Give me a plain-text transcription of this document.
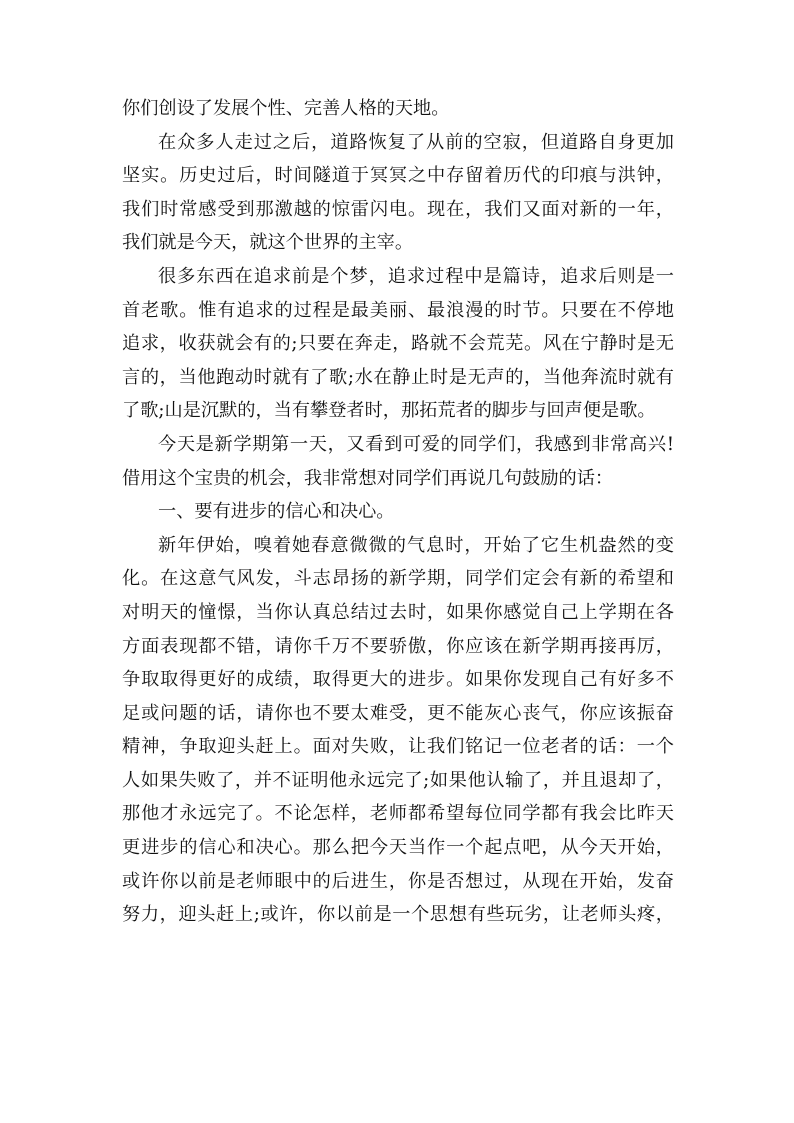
你们创设了发展个性、完善人格的天地。
在众多人走过之后，道路恢复了从前的空寂，但道路自身更加
坚实。历史过后，时间隧道于冥冥之中存留着历代的印痕与洪钟，
我们时常感受到那激越的惊雷闪电。现在，我们又面对新的一年，
我们就是今天，就这个世界的主宰。
很多东西在追求前是个梦，追求过程中是篇诗，追求后则是一
首老歌。惟有追求的过程是最美丽、最浪漫的时节。只要在不停地
追求，收获就会有的;只要在奔走，路就不会荒芜。风在宁静时是无
言的，当他跑动时就有了歌;水在静止时是无声的，当他奔流时就有
了歌;山是沉默的，当有攀登者时，那拓荒者的脚步与回声便是歌。
今天是新学期第一天，又看到可爱的同学们，我感到非常高兴!
借用这个宝贵的机会，我非常想对同学们再说几句鼓励的话：
一、要有进步的信心和决心。
新年伊始，嗅着她春意微微的气息时，开始了它生机盎然的变
化。在这意气风发，斗志昂扬的新学期，同学们定会有新的希望和
对明天的憧憬，当你认真总结过去时，如果你感觉自己上学期在各
方面表现都不错，请你千万不要骄傲，你应该在新学期再接再厉，
争取取得更好的成绩，取得更大的进步。如果你发现自己有好多不
足或问题的话，请你也不要太难受，更不能灰心丧气，你应该振奋
精神，争取迎头赶上。面对失败，让我们铭记一位老者的话：一个
人如果失败了，并不证明他永远完了;如果他认输了，并且退却了，
那他才永远完了。不论怎样，老师都希望每位同学都有我会比昨天
更进步的信心和决心。那么把今天当作一个起点吧，从今天开始，
或许你以前是老师眼中的后进生，你是否想过，从现在开始，发奋
努力，迎头赶上;或许，你以前是一个思想有些玩劣，让老师头疼，
